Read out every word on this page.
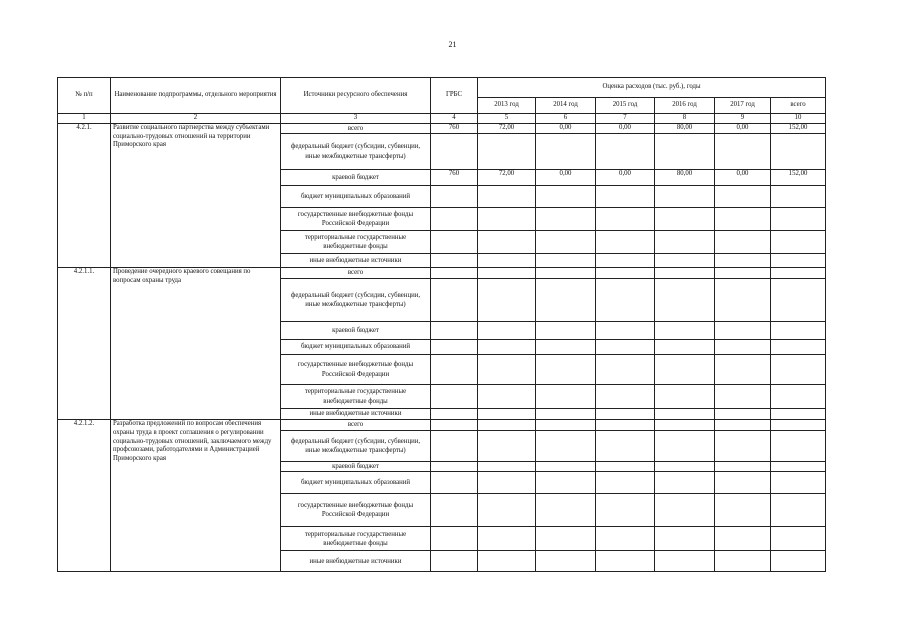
21
№ п/п	Наименование подпрограммы, отдельного мероприятия	Источники ресурсного обеспечения	ГРБС	Оценка расходов (тыс. руб.), годы					
				2013 год	2014 год	2015 год	2016 год	2017 год	всего
1	2	3	4	5	6	7	8	9	10
4.2.1.	Развитие социального партнерства между субъектами социально-трудовых отношений на территории Приморского края	всего	760	72,00	0,00	0,00	80,00	0,00	152,00
		федеральный бюджет (субсидии, субвенции, иные межбюджетные трансферты)							
		краевой бюджет	760	72,00	0,00	0,00	80,00	0,00	152,00
		бюджет муниципальных образований							
		государственные внебюджетные фонды Российской Федерации							
		территориальные государственные внебюджетные фонды							
		иные внебюджетные источники							
4.2.1.1.	Проведение очередного краевого совещания по вопросам охраны труда	всего							
		федеральный бюджет (субсидии, субвенции, иные межбюджетные трансферты)							
		краевой бюджет							
		бюджет муниципальных образований							
		государственные внебюджетные фонды Российской Федерации							
		территориальные государственные внебюджетные фонды							
		иные внебюджетные источники							
4.2.1.2.	Разработка предложений по вопросам обеспечения охраны труда в проект соглашения о регулировании социально-трудовых отношений, заключаемого между профсоюзами, работодателями и Администрацией Приморского края	всего							
		федеральный бюджет (субсидии, субвенции, иные межбюджетные трансферты)							
		краевой бюджет							
		бюджет муниципальных образований							
		государственные внебюджетные фонды Российской Федерации							
		территориальные государственные внебюджетные фонды							
		иные внебюджетные источники							
